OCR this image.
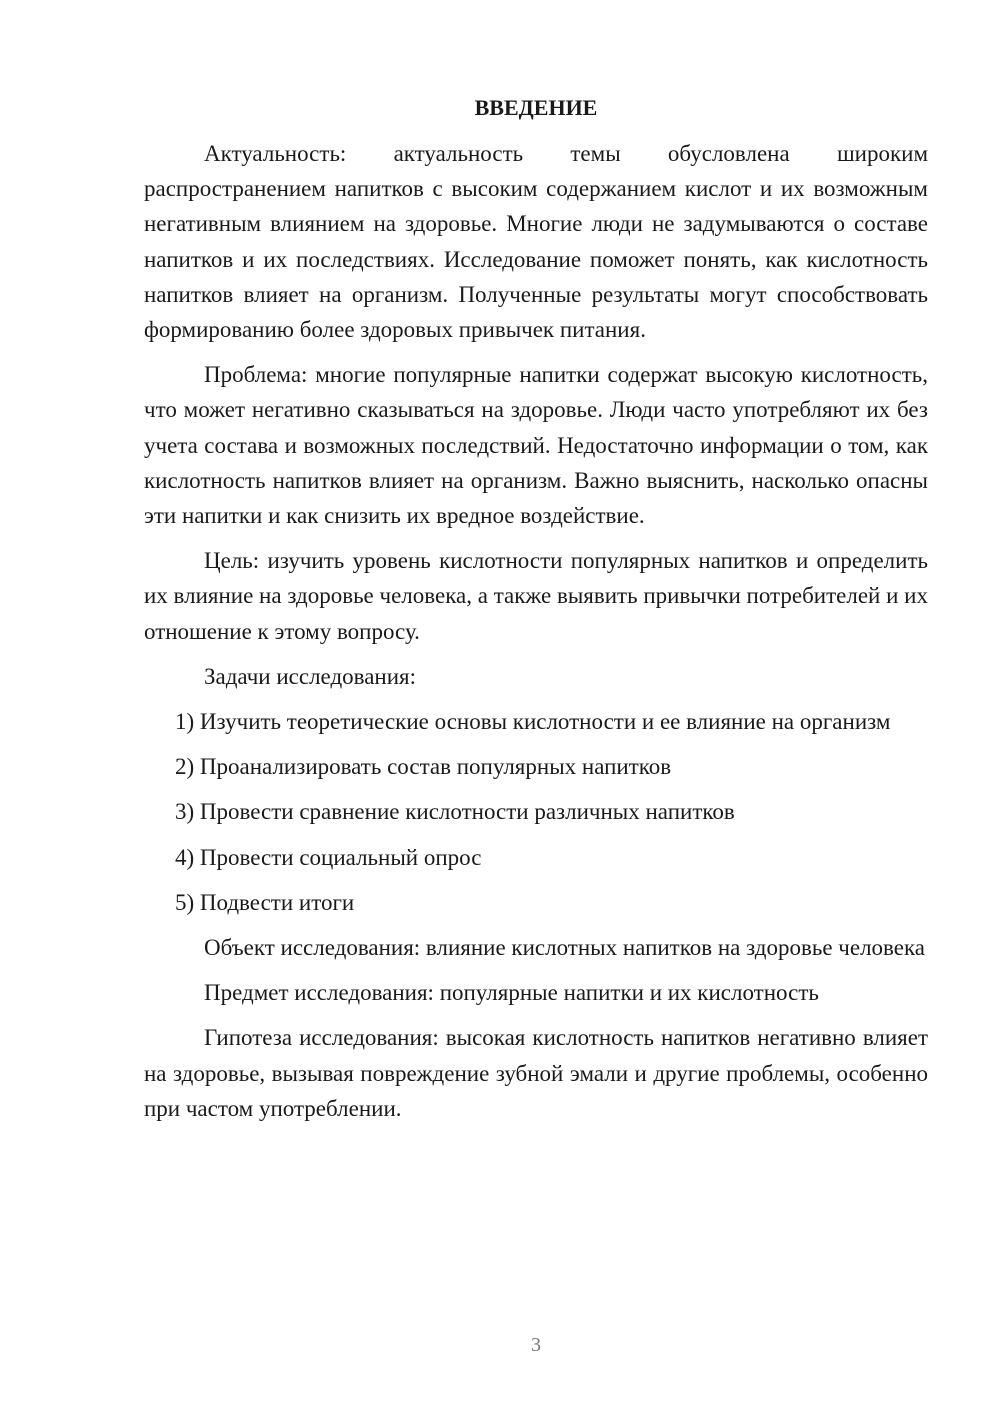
ВВЕДЕНИЕ

Актуальность: актуальность темы обусловлена широким распространением напитков с высоким содержанием кислот и их возможным негативным влиянием на здоровье. Многие люди не задумываются о составе напитков и их последствиях. Исследование поможет понять, как кислотность напитков влияет на организм. Полученные результаты могут способствовать формированию более здоровых привычек питания.

Проблема: многие популярные напитки содержат высокую кислотность, что может негативно сказываться на здоровье. Люди часто употребляют их без учета состава и возможных последствий. Недостаточно информации о том, как кислотность напитков влияет на организм. Важно выяснить, насколько опасны эти напитки и как снизить их вредное воздействие.

Цель: изучить уровень кислотности популярных напитков и определить их влияние на здоровье человека, а также выявить привычки потребителей и их отношение к этому вопросу.

Задачи исследования:

1) Изучить теоретические основы кислотности и ее влияние на организм

2) Проанализировать состав популярных напитков

3) Провести сравнение кислотности различных напитков

4) Провести социальный опрос

5) Подвести итоги

Объект исследования: влияние кислотных напитков на здоровье человека

Предмет исследования: популярные напитки и их кислотность

Гипотеза исследования: высокая кислотность напитков негативно влияет на здоровье, вызывая повреждение зубной эмали и другие проблемы, особенно при частом употреблении.

3
